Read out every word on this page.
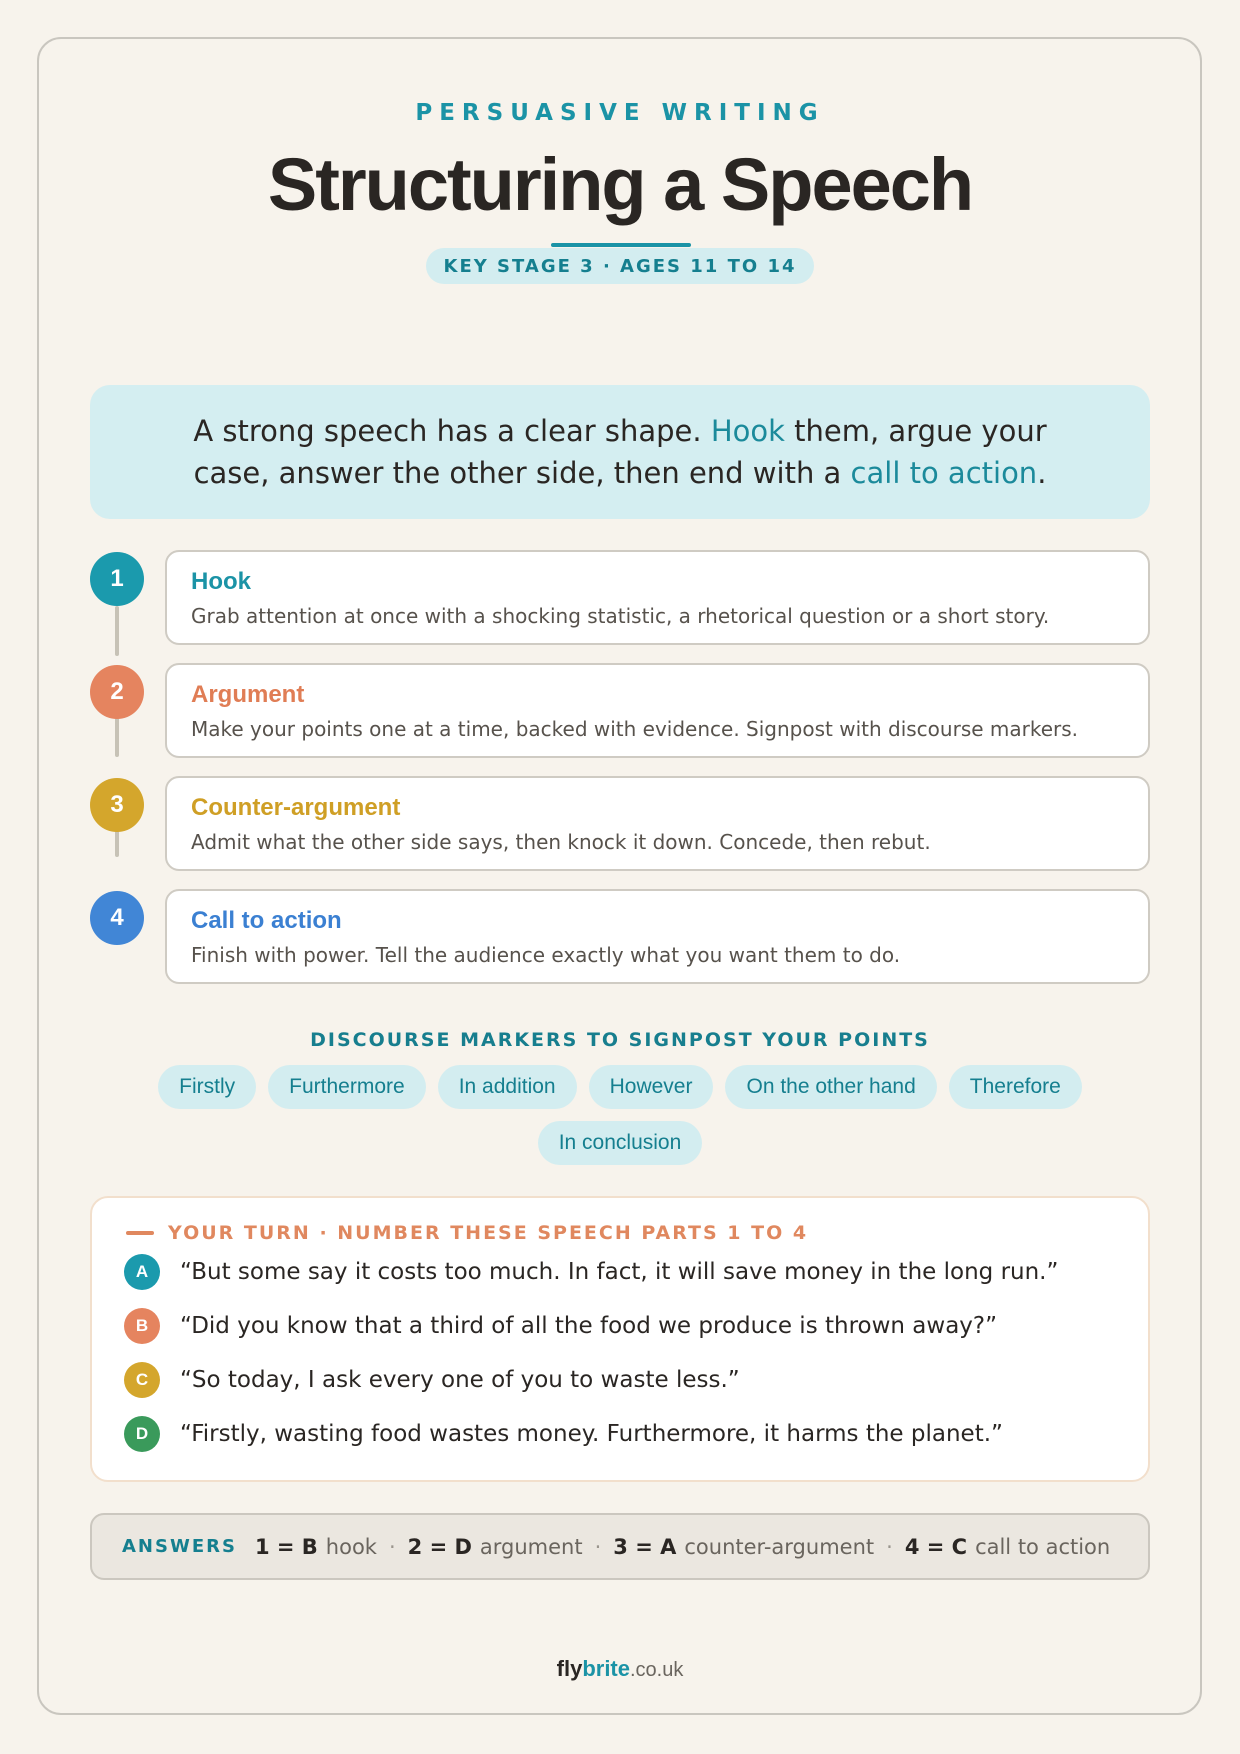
PERSUASIVE WRITING
Structuring a Speech
KEY STAGE 3 · AGES 11 TO 14
A strong speech has a clear shape. Hook them, argue your case, answer the other side, then end with a call to action.
1	Hook
Grab attention at once with a shocking statistic, a rhetorical question or a short story.
2	Argument
Make your points one at a time, backed with evidence. Signpost with discourse markers.
3	Counter-argument
Admit what the other side says, then knock it down. Concede, then rebut.
4	Call to action
Finish with power. Tell the audience exactly what you want them to do.
DISCOURSE MARKERS TO SIGNPOST YOUR POINTS
Firstly	Furthermore	In addition	However	On the other hand	Therefore
In conclusion
YOUR TURN · NUMBER THESE SPEECH PARTS 1 TO 4
A	“But some say it costs too much. In fact, it will save money in the long run.”
B	“Did you know that a third of all the food we produce is thrown away?”
C	“So today, I ask every one of you to waste less.”
D	“Firstly, wasting food wastes money. Furthermore, it harms the planet.”
ANSWERS 1 = B hook · 2 = D argument · 3 = A counter-argument · 4 = C call to action
flybrite.co.uk
